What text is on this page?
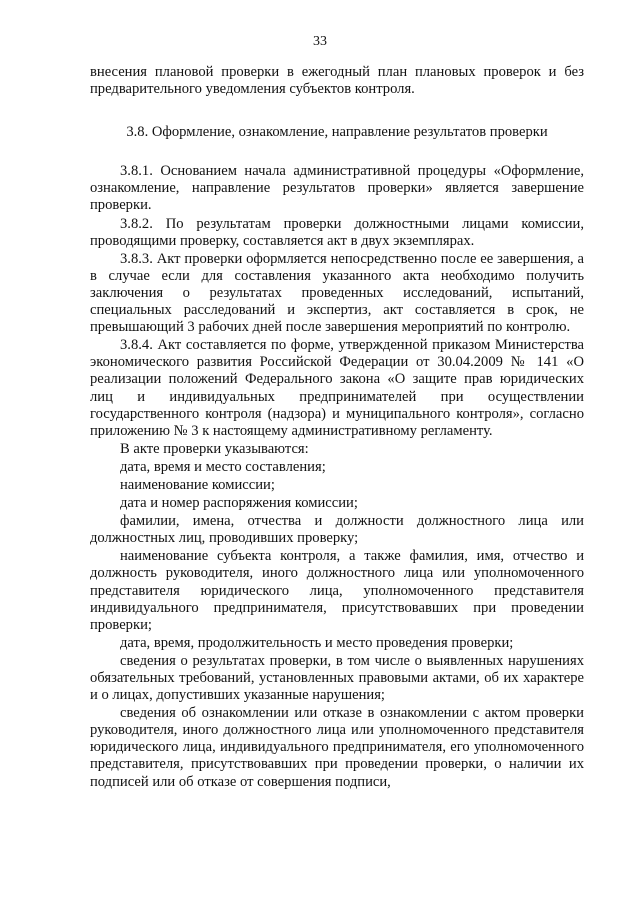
33

внесения плановой проверки в ежегодный план плановых проверок и без предварительного уведомления субъектов контроля.

3.8. Оформление, ознакомление, направление результатов проверки

3.8.1. Основанием начала административной процедуры «Оформление, ознакомление, направление результатов проверки» является завершение проверки.

3.8.2. По результатам проверки должностными лицами комиссии, проводящими проверку, составляется акт в двух экземплярах.

3.8.3. Акт проверки оформляется непосредственно после ее завершения, а в случае если для составления указанного акта необходимо получить заключения о результатах проведенных исследований, испытаний, специальных расследований и экспертиз, акт составляется в срок, не превышающий 3 рабочих дней после завершения мероприятий по контролю.

3.8.4. Акт составляется по форме, утвержденной приказом Министерства экономического развития Российской Федерации от 30.04.2009 № 141 «О реализации положений Федерального закона «О защите прав юридических лиц и индивидуальных предпринимателей при осуществлении государственного контроля (надзора) и муниципального контроля», согласно приложению № 3 к настоящему административному регламенту.

В акте проверки указываются:

дата, время и место составления;

наименование комиссии;

дата и номер распоряжения комиссии;

фамилии, имена, отчества и должности должностного лица или должностных лиц, проводивших проверку;

наименование субъекта контроля, а также фамилия, имя, отчество и должность руководителя, иного должностного лица или уполномоченного представителя юридического лица, уполномоченного представителя индивидуального предпринимателя, присутствовавших при проведении проверки;

дата, время, продолжительность и место проведения проверки;

сведения о результатах проверки, в том числе о выявленных нарушениях обязательных требований, установленных правовыми актами, об их характере и о лицах, допустивших указанные нарушения;

сведения об ознакомлении или отказе в ознакомлении с актом проверки руководителя, иного должностного лица или уполномоченного представителя юридического лица, индивидуального предпринимателя, его уполномоченного представителя, присутствовавших при проведении проверки, о наличии их подписей или об отказе от совершения подписи,
